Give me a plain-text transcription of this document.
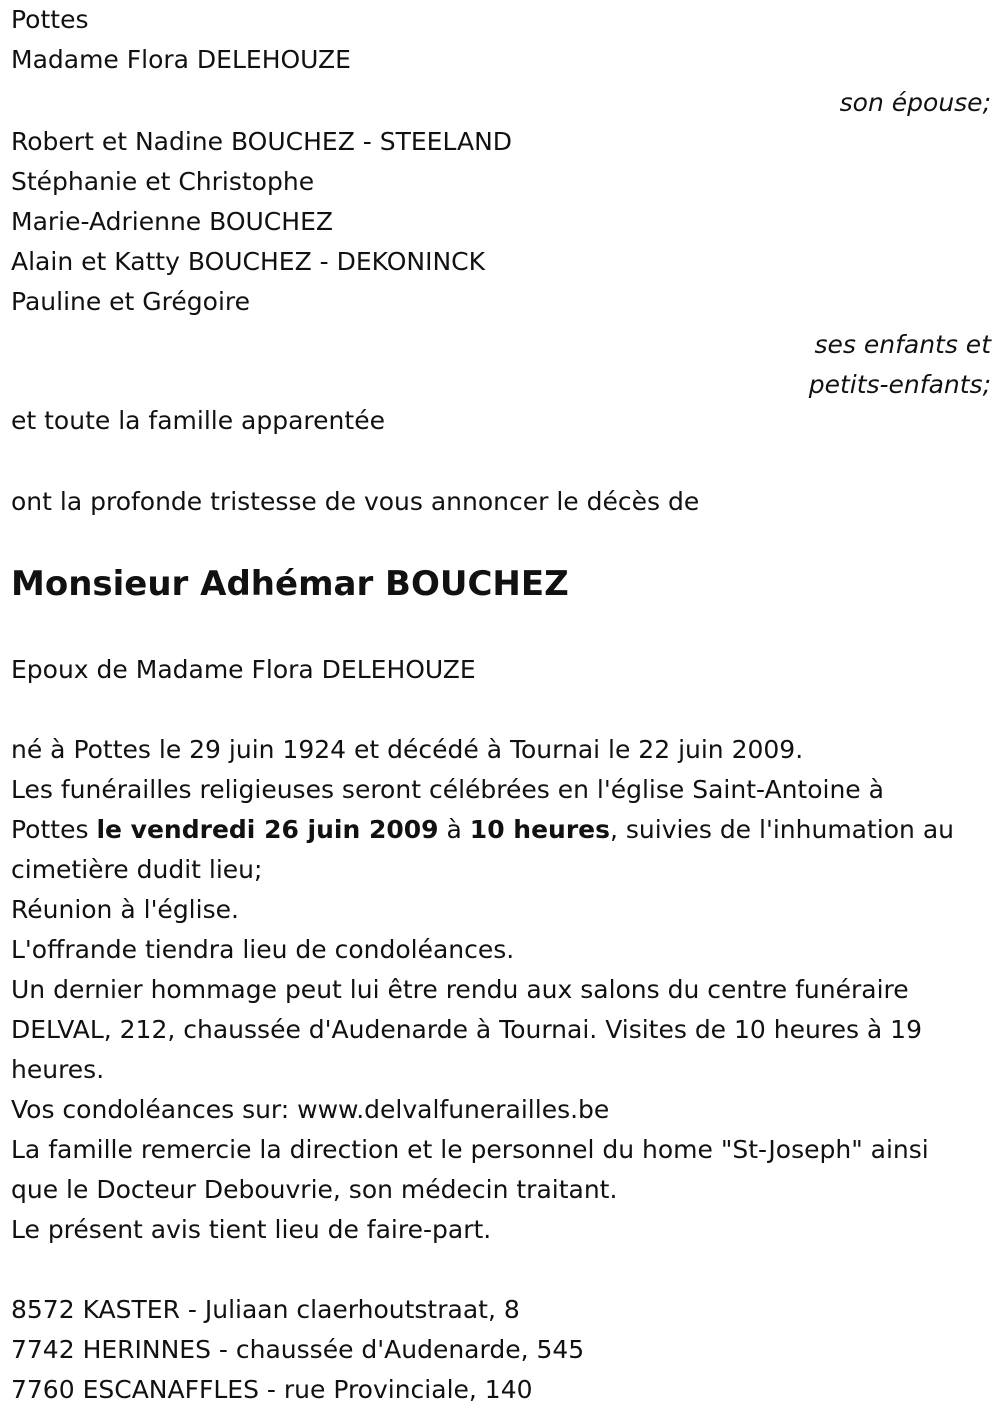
Pottes
Madame Flora DELEHOUZE
son épouse;
Robert et Nadine BOUCHEZ - STEELAND
Stéphanie et Christophe
Marie-Adrienne BOUCHEZ
Alain et Katty BOUCHEZ - DEKONINCK
Pauline et Grégoire
ses enfants et
petits-enfants;
et toute la famille apparentée
ont la profonde tristesse de vous annoncer le décès de
Monsieur Adhémar BOUCHEZ
Epoux de Madame Flora DELEHOUZE
né à Pottes le 29 juin 1924 et décédé à Tournai le 22 juin 2009.
Les funérailles religieuses seront célébrées en l'église Saint-Antoine à
Pottes le vendredi 26 juin 2009 à 10 heures, suivies de l'inhumation au
cimetière dudit lieu;
Réunion à l'église.
L'offrande tiendra lieu de condoléances.
Un dernier hommage peut lui être rendu aux salons du centre funéraire
DELVAL, 212, chaussée d'Audenarde à Tournai. Visites de 10 heures à 19
heures.
Vos condoléances sur: www.delvalfunerailles.be
La famille remercie la direction et le personnel du home "St-Joseph" ainsi
que le Docteur Debouvrie, son médecin traitant.
Le présent avis tient lieu de faire-part.
8572 KASTER - Juliaan claerhoutstraat, 8
7742 HERINNES - chaussée d'Audenarde, 545
7760 ESCANAFFLES - rue Provinciale, 140
